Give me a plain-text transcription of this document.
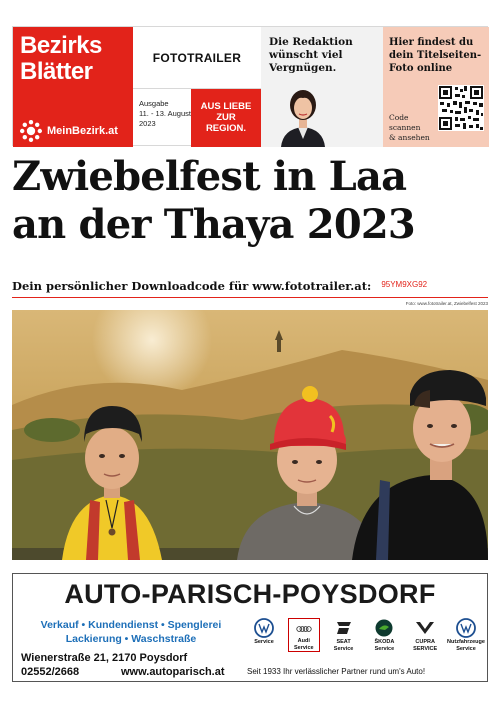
Bezirks
Blätter
MeinBezirk.at
FOTOTRAILER
Ausgabe
11. - 13. August
2023
AUS LIEBE
ZUR
REGION.
Die Redaktion
wünscht viel
Vergnügen.
Hier findest du
dein Titelseiten-
Foto online
Code
scannen
& ansehen
Zwiebelfest in Laa
an der Thaya 2023
Dein persönlicher Downloadcode für www.fototrailer.at: 95YM9XG92
Foto: www.fototrailer.at, Zwiebelfest 2023
AUTO-PARISCH-POYSDORF
Verkauf • Kundendienst • Spenglerei
Lackierung • Waschstraße
Wienerstraße 21, 2170 Poysdorf
02552/2668	www.autoparisch.at
Service	Audi Service
SEAT Service
ŠKODA Service
CUPRA SERVICE
Nutzfahrzeuge Service
Seit 1933 Ihr verlässlicher Partner rund um's Auto!
